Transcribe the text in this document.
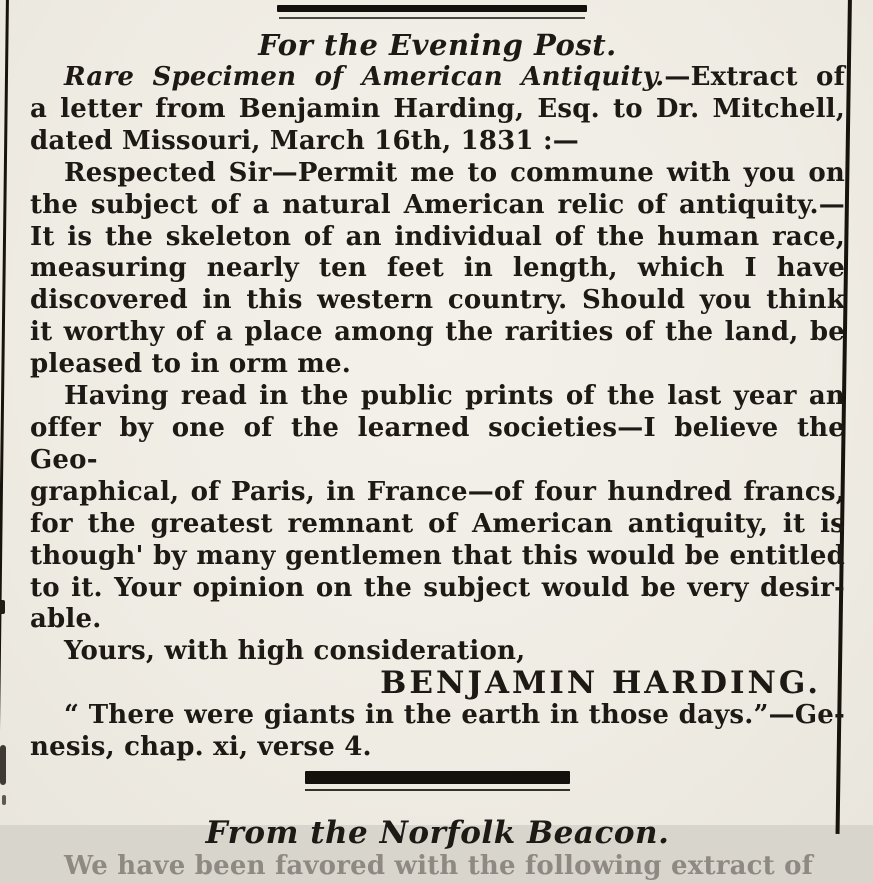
For the Evening Post.
Rare Specimen of American Antiquity.—Extract of
a letter from Benjamin Harding, Esq. to Dr. Mitchell,
dated Missouri, March 16th, 1831 :—
Respected Sir—Permit me to commune with you on
the subject of a natural American relic of antiquity.—
It is the skeleton of an individual of the human race,
measuring nearly ten feet in length, which I have
discovered in this western country. Should you think
it worthy of a place among the rarities of the land, be
pleased to in orm me.
Having read in the public prints of the last year an
offer by one of the learned societies—I believe the Geo-
graphical, of Paris, in France—of four hundred francs,
for the greatest remnant of American antiquity, it is
though' by many gentlemen that this would be entitled
to it. Your opinion on the subject would be very desir-
able.
Yours, with high consideration,
BENJAMIN HARDING.
“ There were giants in the earth in those days.”—Ge-
nesis, chap. xi, verse 4.
From the Norfolk Beacon.
We have been favored with the following extract of
